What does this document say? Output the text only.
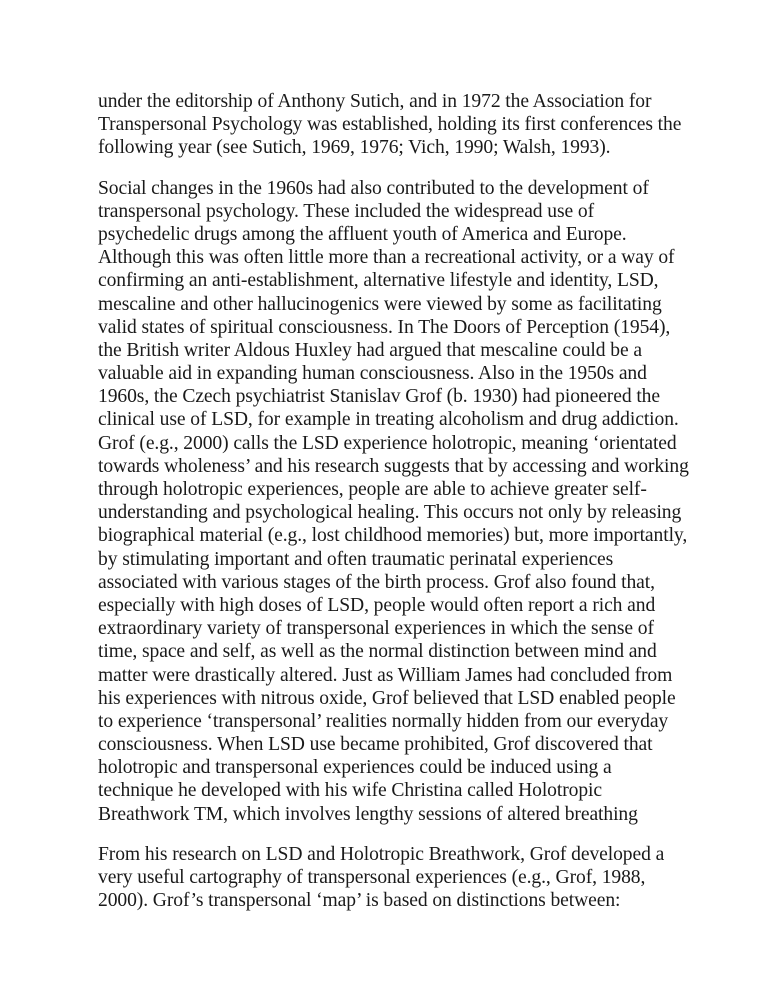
under the editorship of Anthony Sutich, and in 1972 the Association for
Transpersonal Psychology was established, holding its first conferences the
following year (see Sutich, 1969, 1976; Vich, 1990; Walsh, 1993).

Social changes in the 1960s had also contributed to the development of
transpersonal psychology. These included the widespread use of
psychedelic drugs among the affluent youth of America and Europe.
Although this was often little more than a recreational activity, or a way of
confirming an anti-establishment, alternative lifestyle and identity, LSD,
mescaline and other hallucinogenics were viewed by some as facilitating
valid states of spiritual consciousness. In The Doors of Perception (1954),
the British writer Aldous Huxley had argued that mescaline could be a
valuable aid in expanding human consciousness. Also in the 1950s and
1960s, the Czech psychiatrist Stanislav Grof (b. 1930) had pioneered the
clinical use of LSD, for example in treating alcoholism and drug addiction.
Grof (e.g., 2000) calls the LSD experience holotropic, meaning ‘orientated
towards wholeness’ and his research suggests that by accessing and working
through holotropic experiences, people are able to achieve greater self-
understanding and psychological healing. This occurs not only by releasing
biographical material (e.g., lost childhood memories) but, more importantly,
by stimulating important and often traumatic perinatal experiences
associated with various stages of the birth process. Grof also found that,
especially with high doses of LSD, people would often report a rich and
extraordinary variety of transpersonal experiences in which the sense of
time, space and self, as well as the normal distinction between mind and
matter were drastically altered. Just as William James had concluded from
his experiences with nitrous oxide, Grof believed that LSD enabled people
to experience ‘transpersonal’ realities normally hidden from our everyday
consciousness. When LSD use became prohibited, Grof discovered that
holotropic and transpersonal experiences could be induced using a
technique he developed with his wife Christina called Holotropic
Breathwork TM, which involves lengthy sessions of altered breathing

From his research on LSD and Holotropic Breathwork, Grof developed a
very useful cartography of transpersonal experiences (e.g., Grof, 1988,
2000). Grof’s transpersonal ‘map’ is based on distinctions between:
